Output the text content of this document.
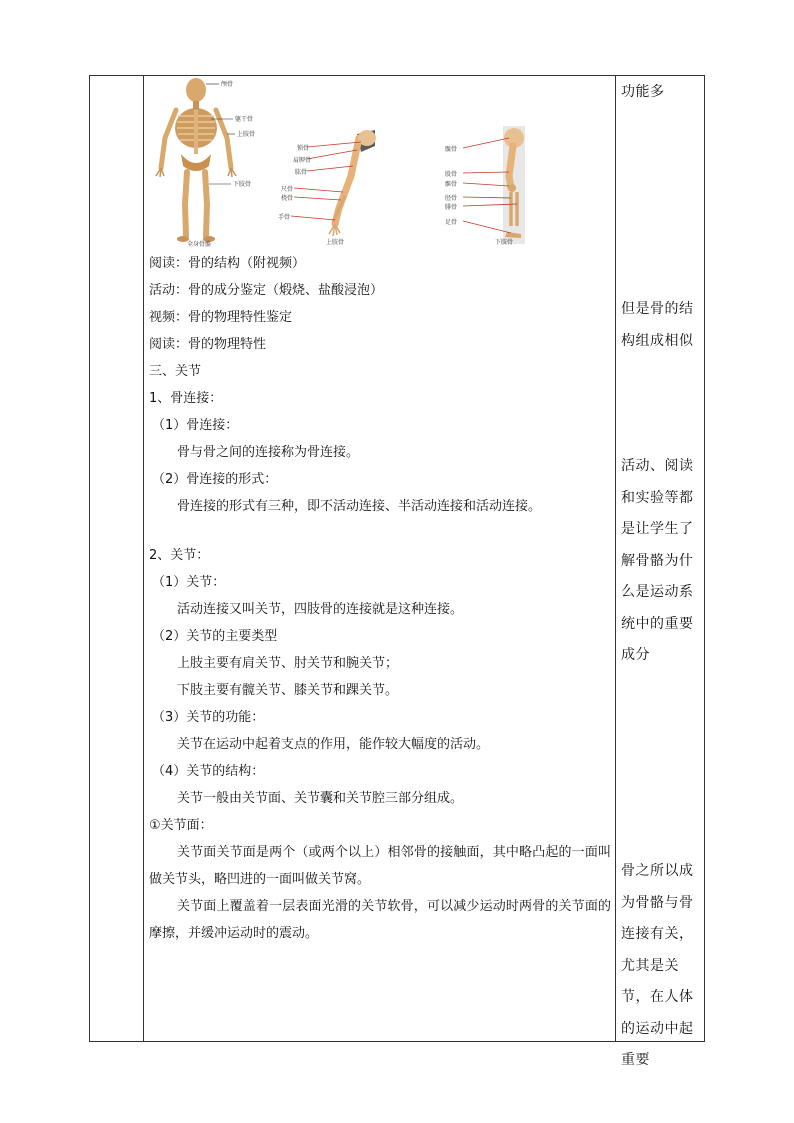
颅骨
躯干骨
上肢骨
下肢骨
全身骨骼
锁骨
肩胛骨
肱骨
尺骨
桡骨
手骨
上肢骨
髋骨
股骨
髌骨
胫骨
腓骨
足骨
下肢骨
阅读：骨的结构（附视频）
活动：骨的成分鉴定（煅烧、盐酸浸泡）
视频：骨的物理特性鉴定
阅读：骨的物理特性
三、关节
1、骨连接：
（1）骨连接：
骨与骨之间的连接称为骨连接。
（2）骨连接的形式：
骨连接的形式有三种，即不活动连接、半活动连接和活动连接。
2、关节：
（1）关节：
活动连接又叫关节，四肢骨的连接就是这种连接。
（2）关节的主要类型
上肢主要有肩关节、肘关节和腕关节；
下肢主要有髋关节、膝关节和踝关节。
（3）关节的功能：
关节在运动中起着支点的作用，能作较大幅度的活动。
（4）关节的结构：
关节一般由关节面、关节囊和关节腔三部分组成。
①关节面：
关节面关节面是两个（或两个以上）相邻骨的接触面，其中略凸起的一面叫做关节头，略凹进的一面叫做关节窝。
关节面上覆盖着一层表面光滑的关节软骨，可以减少运动时两骨的关节面的摩擦，并缓冲运动时的震动。
功能多
但是骨的结构组成相似
活动、阅读和实验等都是让学生了解骨骼为什么是运动系统中的重要成分
骨之所以成为骨骼与骨连接有关，尤其是关节，在人体的运动中起重要
